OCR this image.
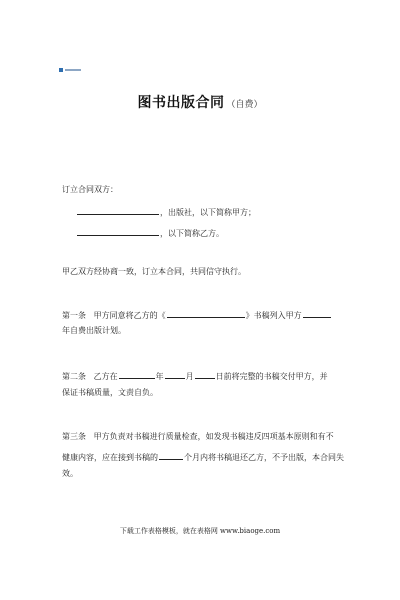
图书出版合同 （自费）
订立合同双方：
，出版社，以下简称甲方；
，以下简称乙方。
甲乙双方经协商一致，订立本合同，共同信守执行。
第一条 甲方同意将乙方的《	》书稿列入甲方
年自费出版计划。
第二条 乙方在	年	月	日前将完整的书稿交付甲方，并
保证书稿质量，文责自负。
第三条 甲方负责对书稿进行质量检查，如发现书稿违反四项基本原则和有不
健康内容，应在接到书稿的	个月内将书稿退还乙方，不予出版，本合同失
效。
下载工作表格模板，就在表格网 www.biaoge.com
